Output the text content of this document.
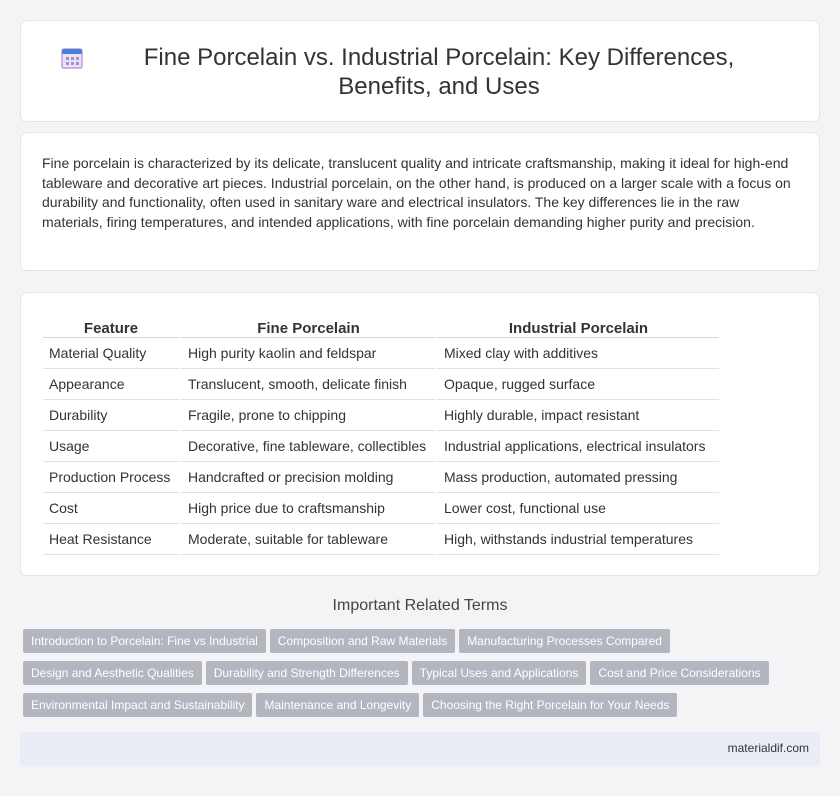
Fine Porcelain vs. Industrial Porcelain: Key Differences, Benefits, and Uses

Fine porcelain is characterized by its delicate, translucent quality and intricate craftsmanship, making it ideal for high-end tableware and decorative art pieces. Industrial porcelain, on the other hand, is produced on a larger scale with a focus on durability and functionality, often used in sanitary ware and electrical insulators. The key differences lie in the raw materials, firing temperatures, and intended applications, with fine porcelain demanding higher purity and precision.

Feature	Fine Porcelain	Industrial Porcelain
Material Quality	High purity kaolin and feldspar	Mixed clay with additives
Appearance	Translucent, smooth, delicate finish	Opaque, rugged surface
Durability	Fragile, prone to chipping	Highly durable, impact resistant
Usage	Decorative, fine tableware, collectibles	Industrial applications, electrical insulators
Production Process	Handcrafted or precision molding	Mass production, automated pressing
Cost	High price due to craftsmanship	Lower cost, functional use
Heat Resistance	Moderate, suitable for tableware	High, withstands industrial temperatures
Important Related Terms
Introduction to Porcelain: Fine vs Industrial Composition and Raw Materials Manufacturing Processes Compared
Design and Aesthetic Qualities Durability and Strength Differences Typical Uses and Applications Cost and Price Considerations
Environmental Impact and Sustainability Maintenance and Longevity Choosing the Right Porcelain for Your Needs
materialdif.com
